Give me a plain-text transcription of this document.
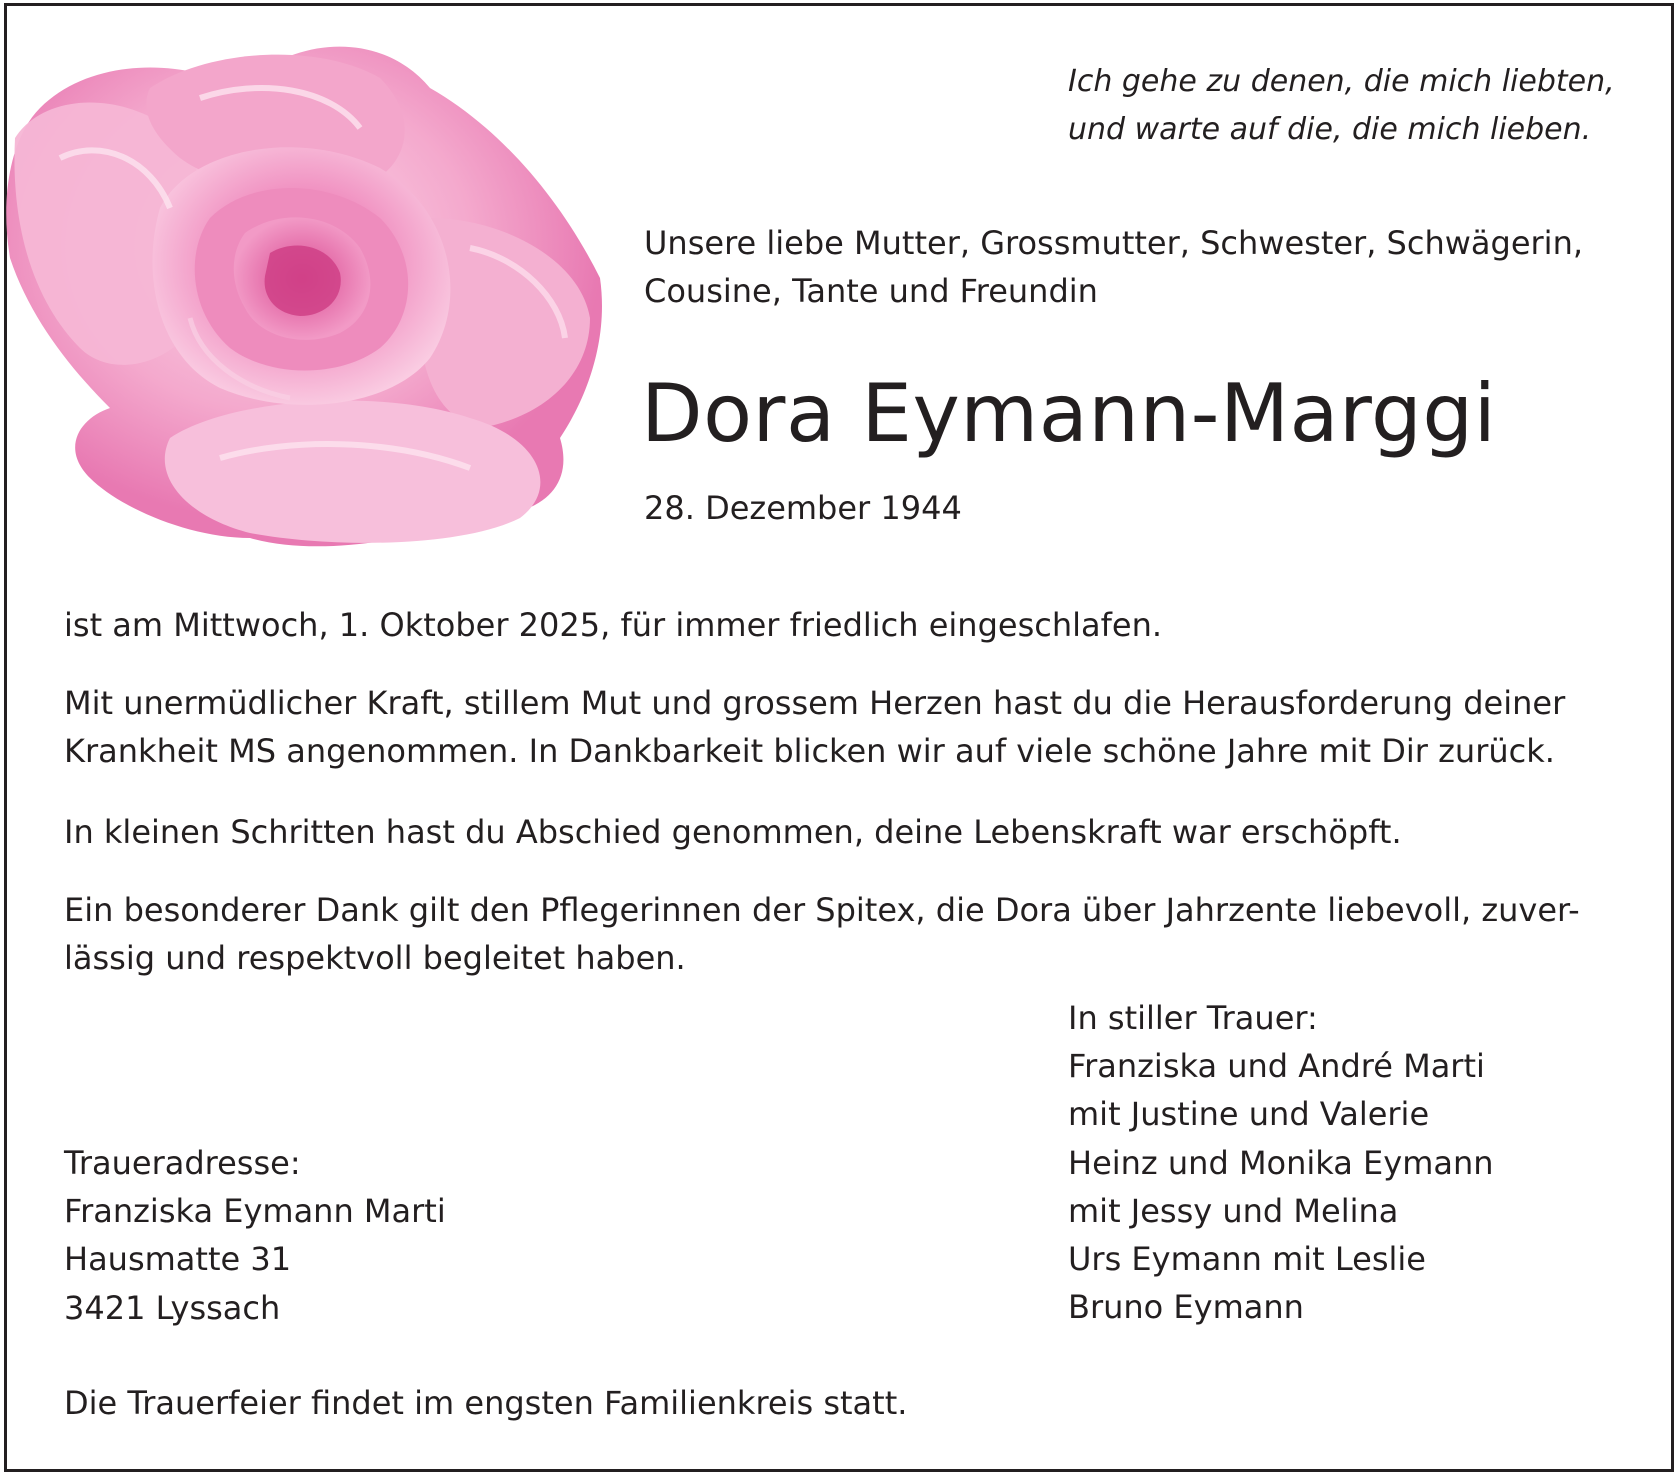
Ich gehe zu denen, die mich liebten,
und warte auf die, die mich lieben.
Unsere liebe Mutter, Grossmutter, Schwester, Schwägerin,
Cousine, Tante und Freundin
Dora Eymann-Marggi
28. Dezember 1944
ist am Mittwoch, 1. Oktober 2025, für immer friedlich eingeschlafen.
Mit unermüdlicher Kraft, stillem Mut und grossem Herzen hast du die Herausforderung deiner
Krankheit MS angenommen. In Dankbarkeit blicken wir auf viele schöne Jahre mit Dir zurück.
In kleinen Schritten hast du Abschied genommen, deine Lebenskraft war erschöpft.
Ein besonderer Dank gilt den Pflegerinnen der Spitex, die Dora über Jahrzente liebevoll, zuver-
lässig und respektvoll begleitet haben.
In stiller Trauer:
Franziska und André Marti
mit Justine und Valerie
Heinz und Monika Eymann
mit Jessy und Melina
Urs Eymann mit Leslie
Bruno Eymann
Traueradresse:
Franziska Eymann Marti
Hausmatte 31
3421 Lyssach
Die Trauerfeier findet im engsten Familienkreis statt.
